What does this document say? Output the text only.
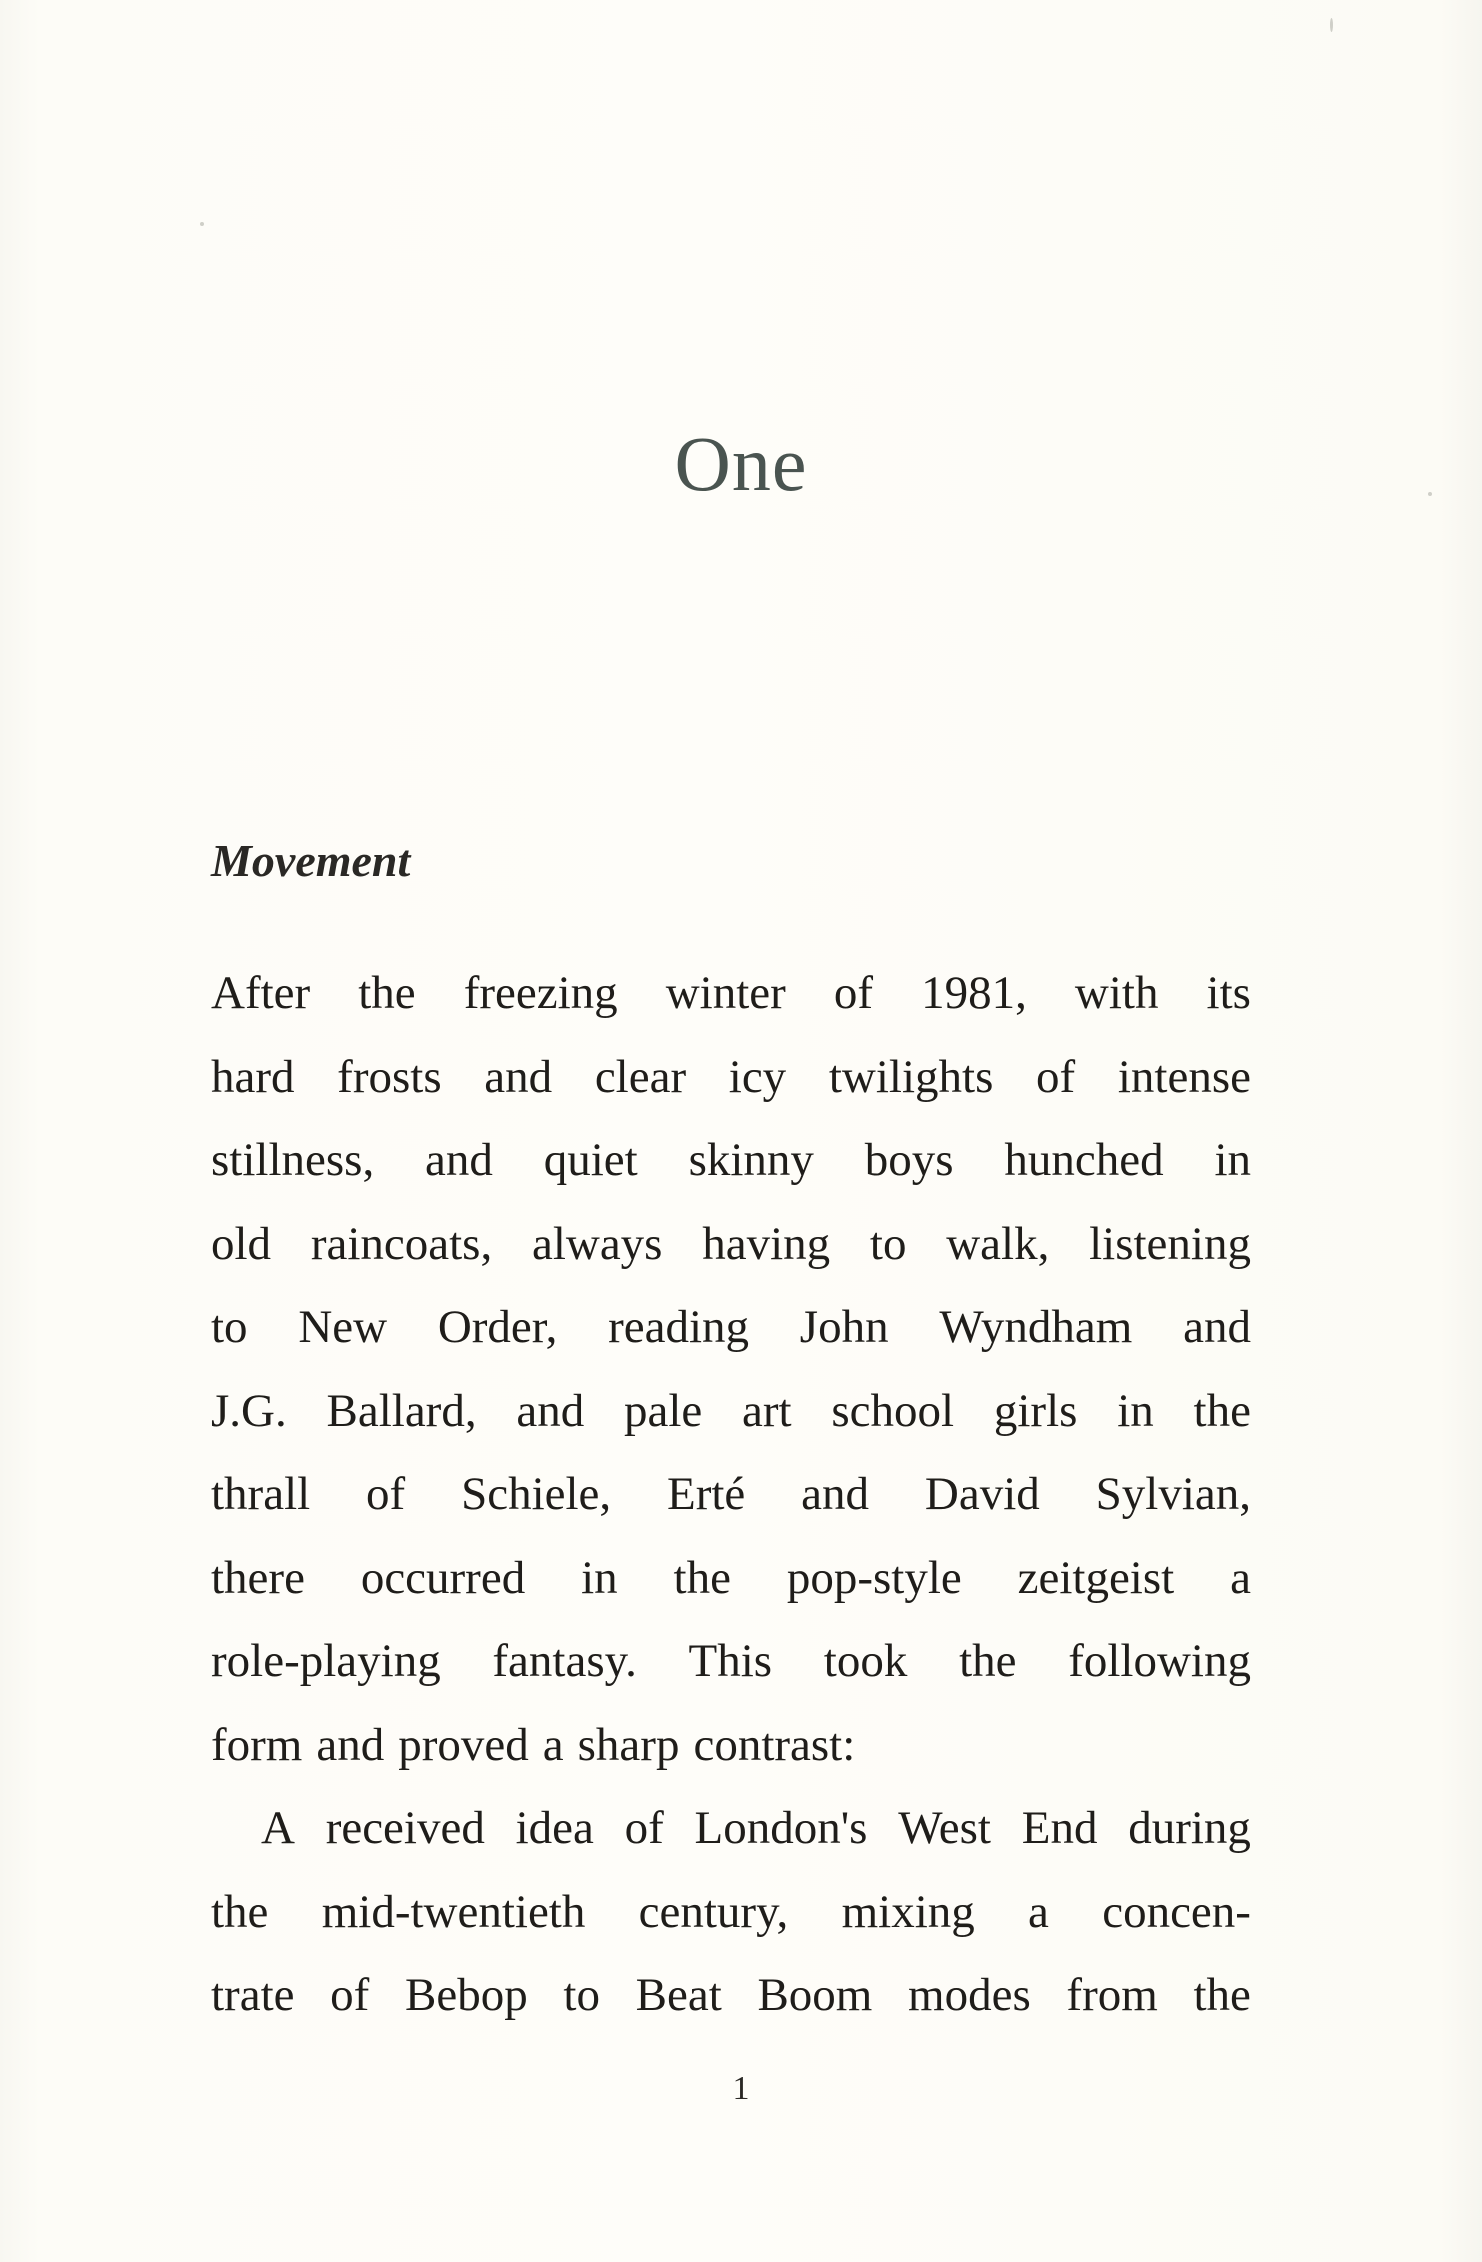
One
Movement
After the freezing winter of 1981, with its
hard frosts and clear icy twilights of intense
stillness, and quiet skinny boys hunched in
old raincoats, always having to walk, listening
to New Order, reading John Wyndham and
J.G. Ballard, and pale art school girls in the
thrall of Schiele, Erté and David Sylvian,
there occurred in the pop-style zeitgeist a
role-playing fantasy. This took the following
form and proved a sharp contrast:
A received idea of London's West End during
the mid-twentieth century, mixing a concen-
trate of Bebop to Beat Boom modes from the

1
